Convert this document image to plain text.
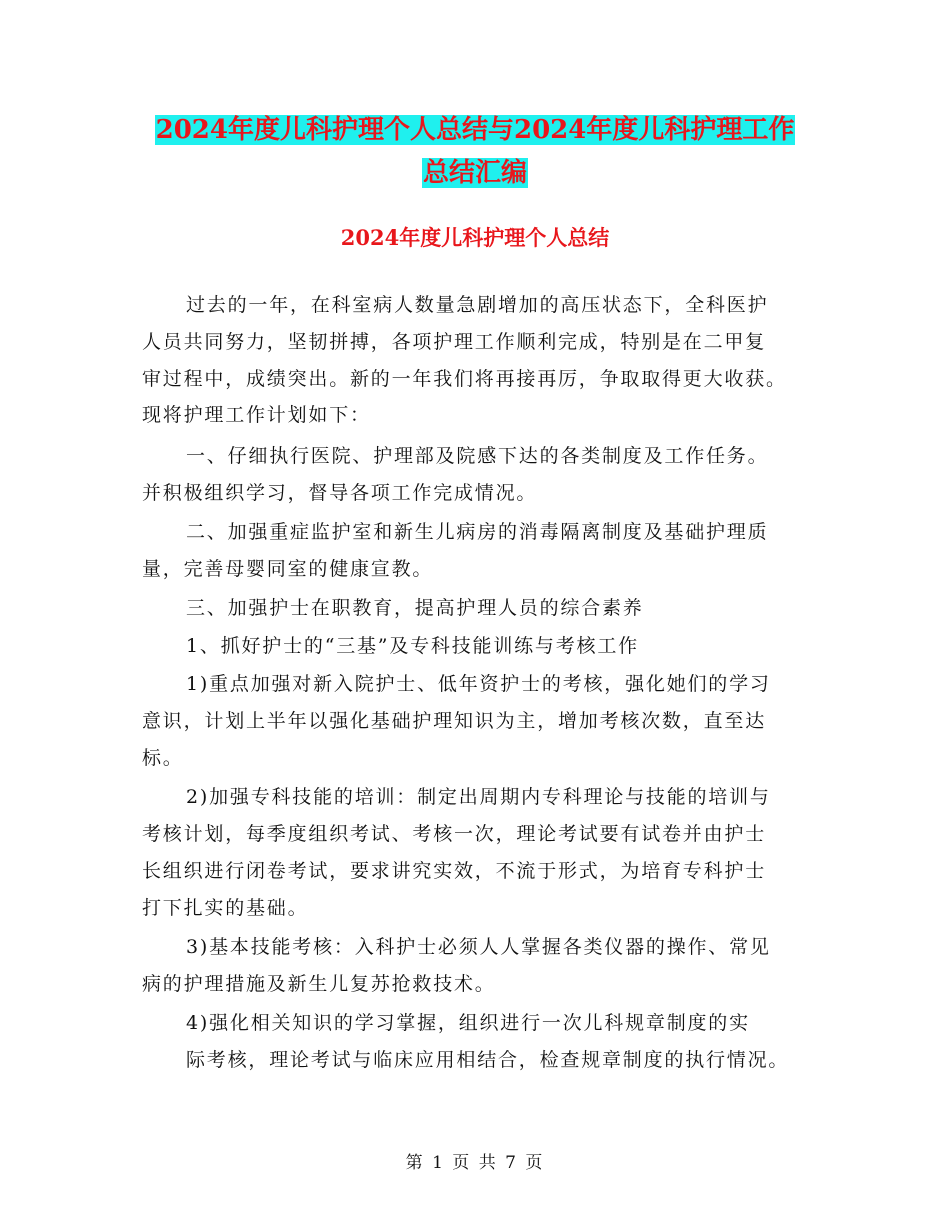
2024年度儿科护理个人总结与2024年度儿科护理工作
总结汇编
2024年度儿科护理个人总结

过去的一年，在科室病人数量急剧增加的高压状态下，全科医护

人员共同努力，坚韧拼搏，各项护理工作顺利完成，特别是在二甲复

审过程中，成绩突出。新的一年我们将再接再厉，争取取得更大收获。

现将护理工作计划如下：

一、仔细执行医院、护理部及院感下达的各类制度及工作任务。

并积极组织学习，督导各项工作完成情况。

二、加强重症监护室和新生儿病房的消毒隔离制度及基础护理质

量，完善母婴同室的健康宣教。

三、加强护士在职教育，提高护理人员的综合素养

1、抓好护士的“三基”及专科技能训练与考核工作

1)重点加强对新入院护士、低年资护士的考核，强化她们的学习

意识，计划上半年以强化基础护理知识为主，增加考核次数，直至达

标。

2)加强专科技能的培训：制定出周期内专科理论与技能的培训与

考核计划，每季度组织考试、考核一次，理论考试要有试卷并由护士

长组织进行闭卷考试，要求讲究实效，不流于形式，为培育专科护士

打下扎实的基础。

3)基本技能考核：入科护士必须人人掌握各类仪器的操作、常见

病的护理措施及新生儿复苏抢救技术。

4)强化相关知识的学习掌握，组织进行一次儿科规章制度的实

际考核，理论考试与临床应用相结合，检查规章制度的执行情况。

第 1 页 共 7 页
